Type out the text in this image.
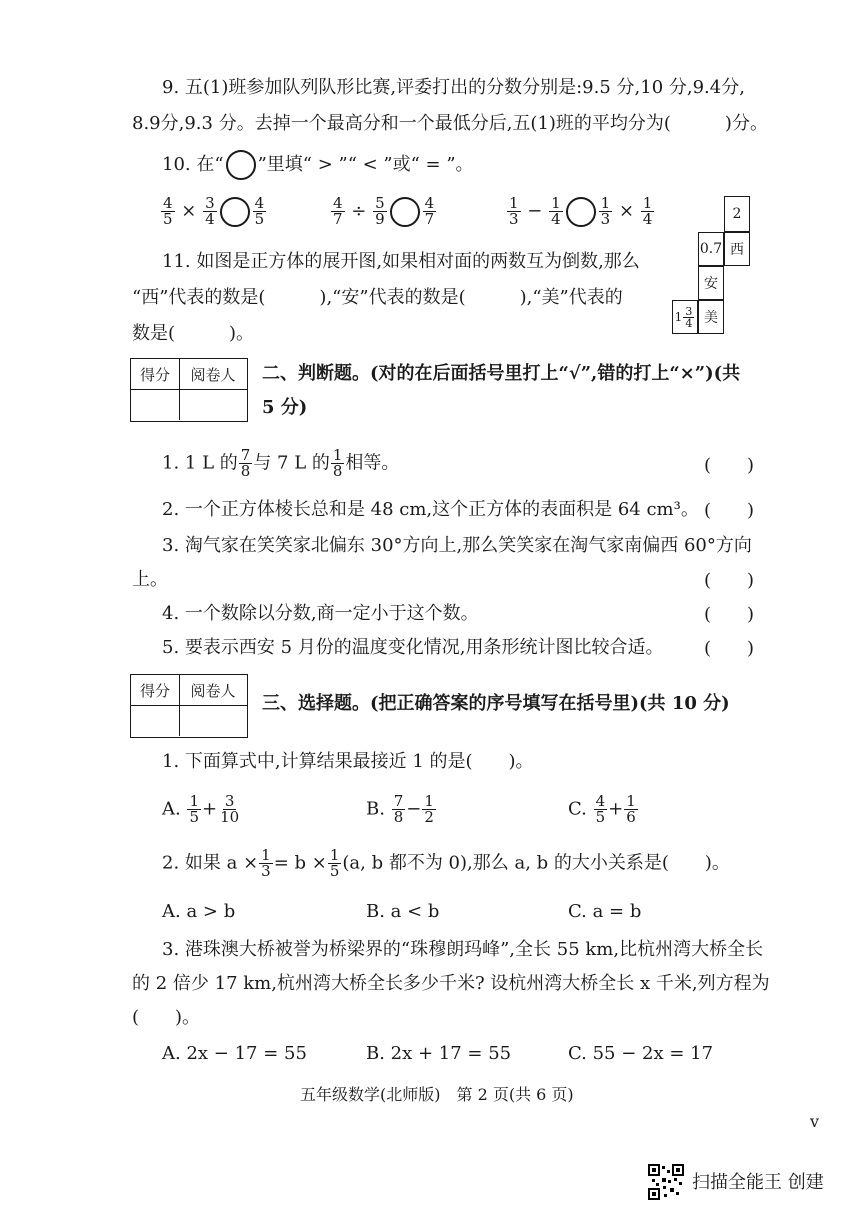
9. 五(1)班参加队列队形比赛,评委打出的分数分别是:9.5 分,10 分,9.4分,
8.9分,9.3 分。去掉一个最高分和一个最低分后,五(1)班的平均分为(　　　)分。
10. 在“ ”里填“ > ”“ < ”或“ = ”。
$\frac{4}{5} \times \frac{3}{4} \frac{4}{5}$	$\frac{4}{7} \div \frac{5}{9} \frac{4}{7}$	$\frac{1}{3} - \frac{1}{4} \frac{1}{3} \times \frac{1}{4}$	2
0.7 西
安
$1 \frac{3}{4}$ 美
11. 如图是正方体的展开图,如果相对面的两数互为倒数,那么
“西”代表的数是(　　　),“安”代表的数是(　　　),“美”代表的
数是(　　　)。
得分	阅卷人	二、判断题。(对的在后面括号里打上“√”,错的打上“×”)(共
5 分)
1. 1 L 的 $\frac{7}{8}$ 与 7 L 的 $\frac{1}{8}$ 相等。	(　　)
2. 一个正方体棱长总和是 48 cm,这个正方体的表面积是 64 cm³。 (　　)
3. 淘气家在笑笑家北偏东 30°方向上,那么笑笑家在淘气家南偏西 60°方向
上。	(　　)
4. 一个数除以分数,商一定小于这个数。	(　　)
5. 要表示西安 5 月份的温度变化情况,用条形统计图比较合适。 (　　)
得分	阅卷人
三、选择题。(把正确答案的序号填写在括号里)(共 10 分)
1. 下面算式中,计算结果最接近 1 的是(　　)。
A. $\frac{1}{5} + \frac{3}{10}$	B. $\frac{7}{8} - \frac{1}{2}$	C. $\frac{4}{5} + \frac{1}{6}$
2. 如果 $a \times \frac{1}{3} = b \times \frac{1}{5} (a$, b 都不为 0),那么 a, b 的大小关系是(　　)。
A. a > b	B. a < b	C. a = b
3. 港珠澳大桥被誉为桥梁界的“珠穆朗玛峰”,全长 55 km,比杭州湾大桥全长
的 2 倍少 17 km,杭州湾大桥全长多少千米? 设杭州湾大桥全长 x 千米,列方程为
(　　)。
A. 2x − 17 = 55	B. 2x + 17 = 55	C. 55 − 2x = 17
五年级数学(北师版)　第 2 页(共 6 页)
v
扫描全能王 创建
